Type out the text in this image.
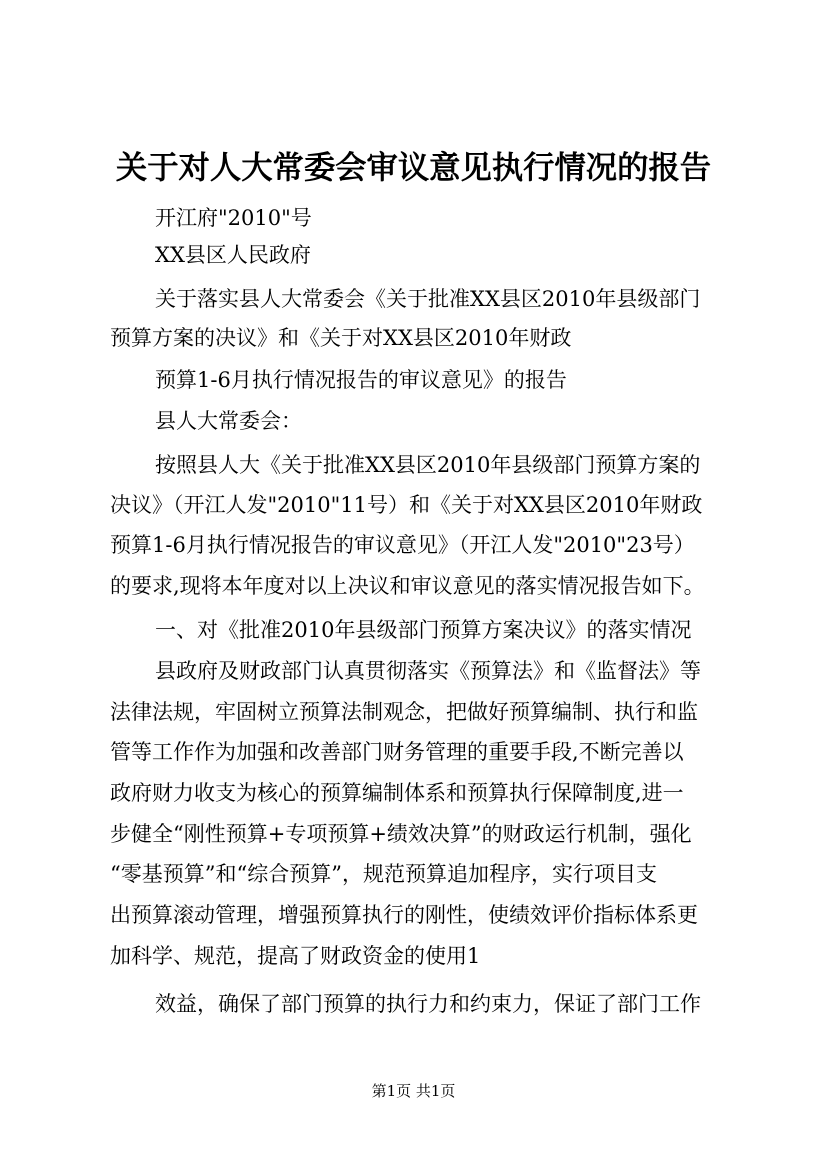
关于对人大常委会审议意见执行情况的报告
开江府"2010"号
XX县区人民政府
关于落实县人大常委会《关于批准XX县区2010年县级部门
预算方案的决议》和《关于对XX县区2010年财政
预算1-6月执行情况报告的审议意见》的报告
县人大常委会：
按照县人大《关于批准XX县区2010年县级部门预算方案的
决议》（开江人发"2010"11号）和《关于对XX县区2010年财政
预算1-6月执行情况报告的审议意见》（开江人发"2010"23号）
的要求,现将本年度对以上决议和审议意见的落实情况报告如下。
一、对《批准2010年县级部门预算方案决议》的落实情况
县政府及财政部门认真贯彻落实《预算法》和《监督法》等
法律法规，牢固树立预算法制观念，把做好预算编制、执行和监
管等工作作为加强和改善部门财务管理的重要手段,不断完善以
政府财力收支为核心的预算编制体系和预算执行保障制度,进一
步健全“刚性预算+专项预算+绩效决算”的财政运行机制，强化
“零基预算”和“综合预算”，规范预算追加程序，实行项目支
出预算滚动管理，增强预算执行的刚性，使绩效评价指标体系更
加科学、规范，提高了财政资金的使用1
效益，确保了部门预算的执行力和约束力，保证了部门工作
第1页 共1页
